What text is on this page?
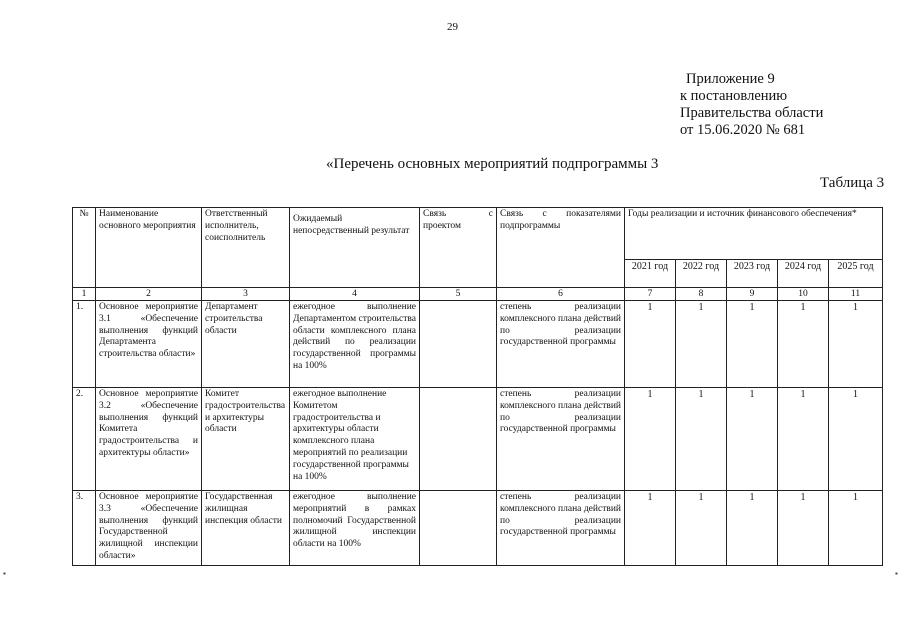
29
Приложение 9
к постановлению
Правительства области
от 15.06.2020 № 681
«Перечень основных мероприятий подпрограммы 3
Таблица 3
▪	▪
№	Наименование основного мероприятия	Ответственный исполнитель, соисполнитель	Ожидаемый непосредственный результат	Связь с проектом	Связь с показателями подпрограммы	Годы реализации и источник финансового обеспечения*				
						2021 год	2022 год	2023 год	2024 год	2025 год
1	2	3	4	5	6	7	8	9	10	11
1.	Основное мероприятие 3.1 «Обеспечение выполнения функций Департамента строительства области»	Департамент строительства области	ежегодное выполнение Департаментом строительства области комплексного плана действий по реализации государственной программы на 100%		степень реализации комплексного плана действий по реализации государственной программы	1	1	1	1	1
2.	Основное мероприятие 3.2 «Обеспечение выполнения функций Комитета градостроительства и архитектуры области»	Комитет градостроительства и архитектуры области	ежегодное выполнение Комитетом градостроительства и архитектуры области комплексного плана мероприятий по реализации государственной программы на 100%		степень реализации комплексного плана действий по реализации государственной программы	1	1	1	1	1
3.	Основное мероприятие 3.3 «Обеспечение выполнения функций Государственной жилищной инспекции области»	Государственная жилищная инспекция области	ежегодное выполнение мероприятий в рамках полномочий Государственной жилищной инспекции области на 100%		степень реализации комплексного плана действий по реализации государственной программы	1	1	1	1	1
